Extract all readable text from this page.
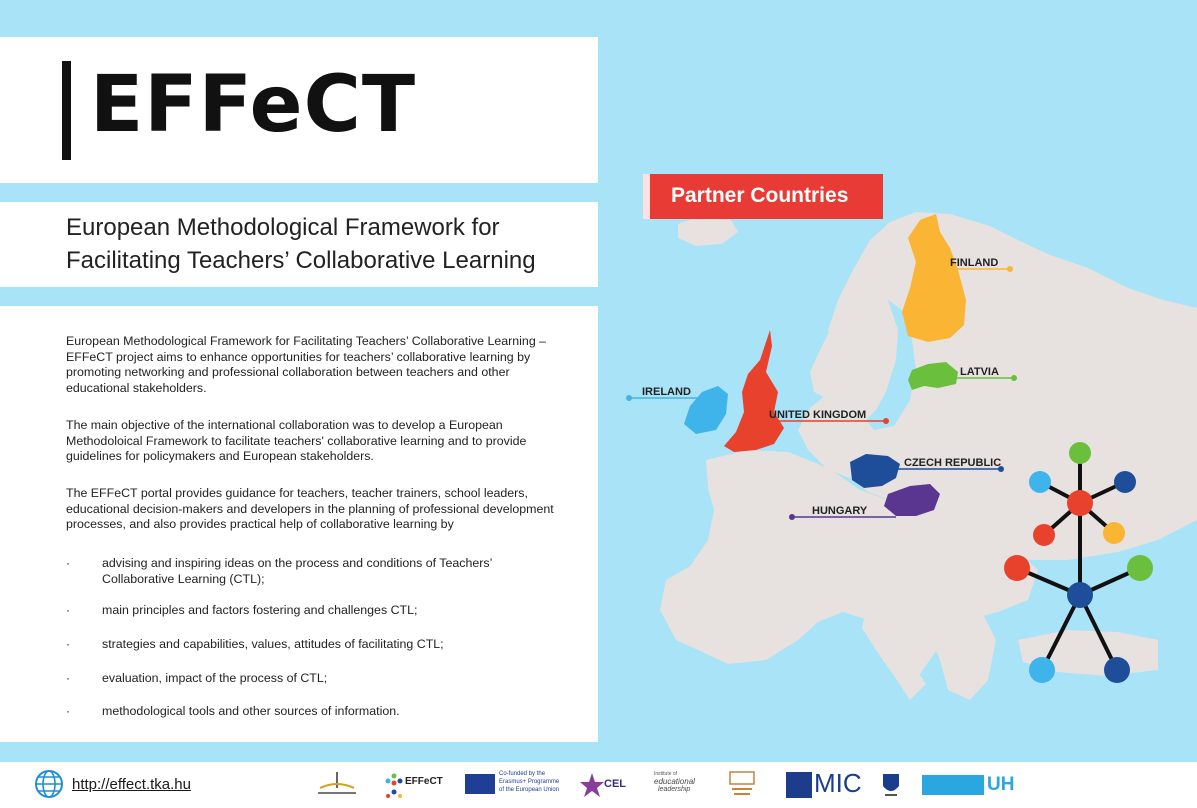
EFFeCT
European Methodological Framework for
Facilitating Teachers’ Collaborative Learning

European Methodological Framework for Facilitating Teachers’ Collaborative Learning – EFFeCT project aims to enhance opportunities for teachers’ collaborative learning by promoting networking and professional collaboration between teachers and other educational stakeholders.

The main objective of the international collaboration was to develop a European Methodoloical Framework to facilitate teachers' collaborative learning and to provide guidelines for policymakers and European stakeholders.

The EFFeCT portal provides guidance for teachers, teacher trainers, school leaders, educational decision-makers and developers in the planning of professional development processes, and also provides practical help of collaborative learning by

·	advising and inspiring ideas on the process and conditions of Teachers’ Collaborative Learning (CTL);
·	main principles and factors fostering and challenges CTL;
·	strategies and capabilities, values, attitudes of facilitating CTL;
·	evaluation, impact of the process of CTL;
·	methodological tools and other sources of information.
FINLAND
LATVIA
IRELAND
UNITED KINGDOM
CZECH REPUBLIC
HUNGARY
Partner Countries
http://effect.tka.hu	EFFeCT
Co-funded by the
Erasmus+ Programme
of the European Union	CEL
Institute of
educational
leadership	MIC	UH
